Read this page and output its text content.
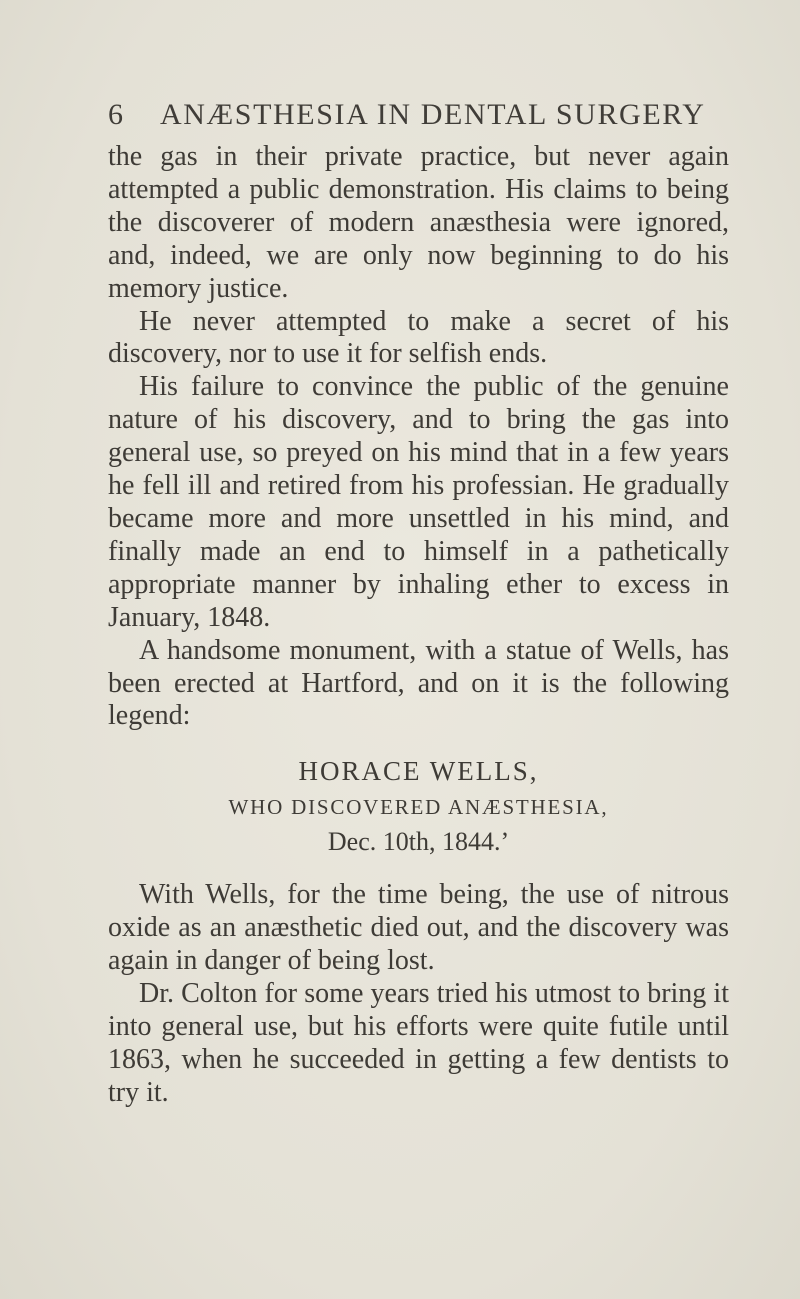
6 ANÆSTHESIA IN DENTAL SURGERY

the gas in their private practice, but never again attempted a public demonstration. His claims to being the discoverer of modern anæsthesia were ignored, and, indeed, we are only now beginning to do his memory justice.

He never attempted to make a secret of his discovery, nor to use it for selfish ends.

His failure to convince the public of the genuine nature of his discovery, and to bring the gas into general use, so preyed on his mind that in a few years he fell ill and retired from his professian. He gradually became more and more unsettled in his mind, and finally made an end to himself in a pathetically appropriate manner by inhaling ether to excess in January, 1848.

A handsome monument, with a statue of Wells, has been erected at Hartford, and on it is the following legend:

HORACE WELLS,
WHO DISCOVERED ANÆSTHESIA,
Dec. 10th, 1844.’

With Wells, for the time being, the use of nitrous oxide as an anæsthetic died out, and the discovery was again in danger of being lost.

Dr. Colton for some years tried his utmost to bring it into general use, but his efforts were quite futile until 1863, when he succeeded in getting a few dentists to try it.
